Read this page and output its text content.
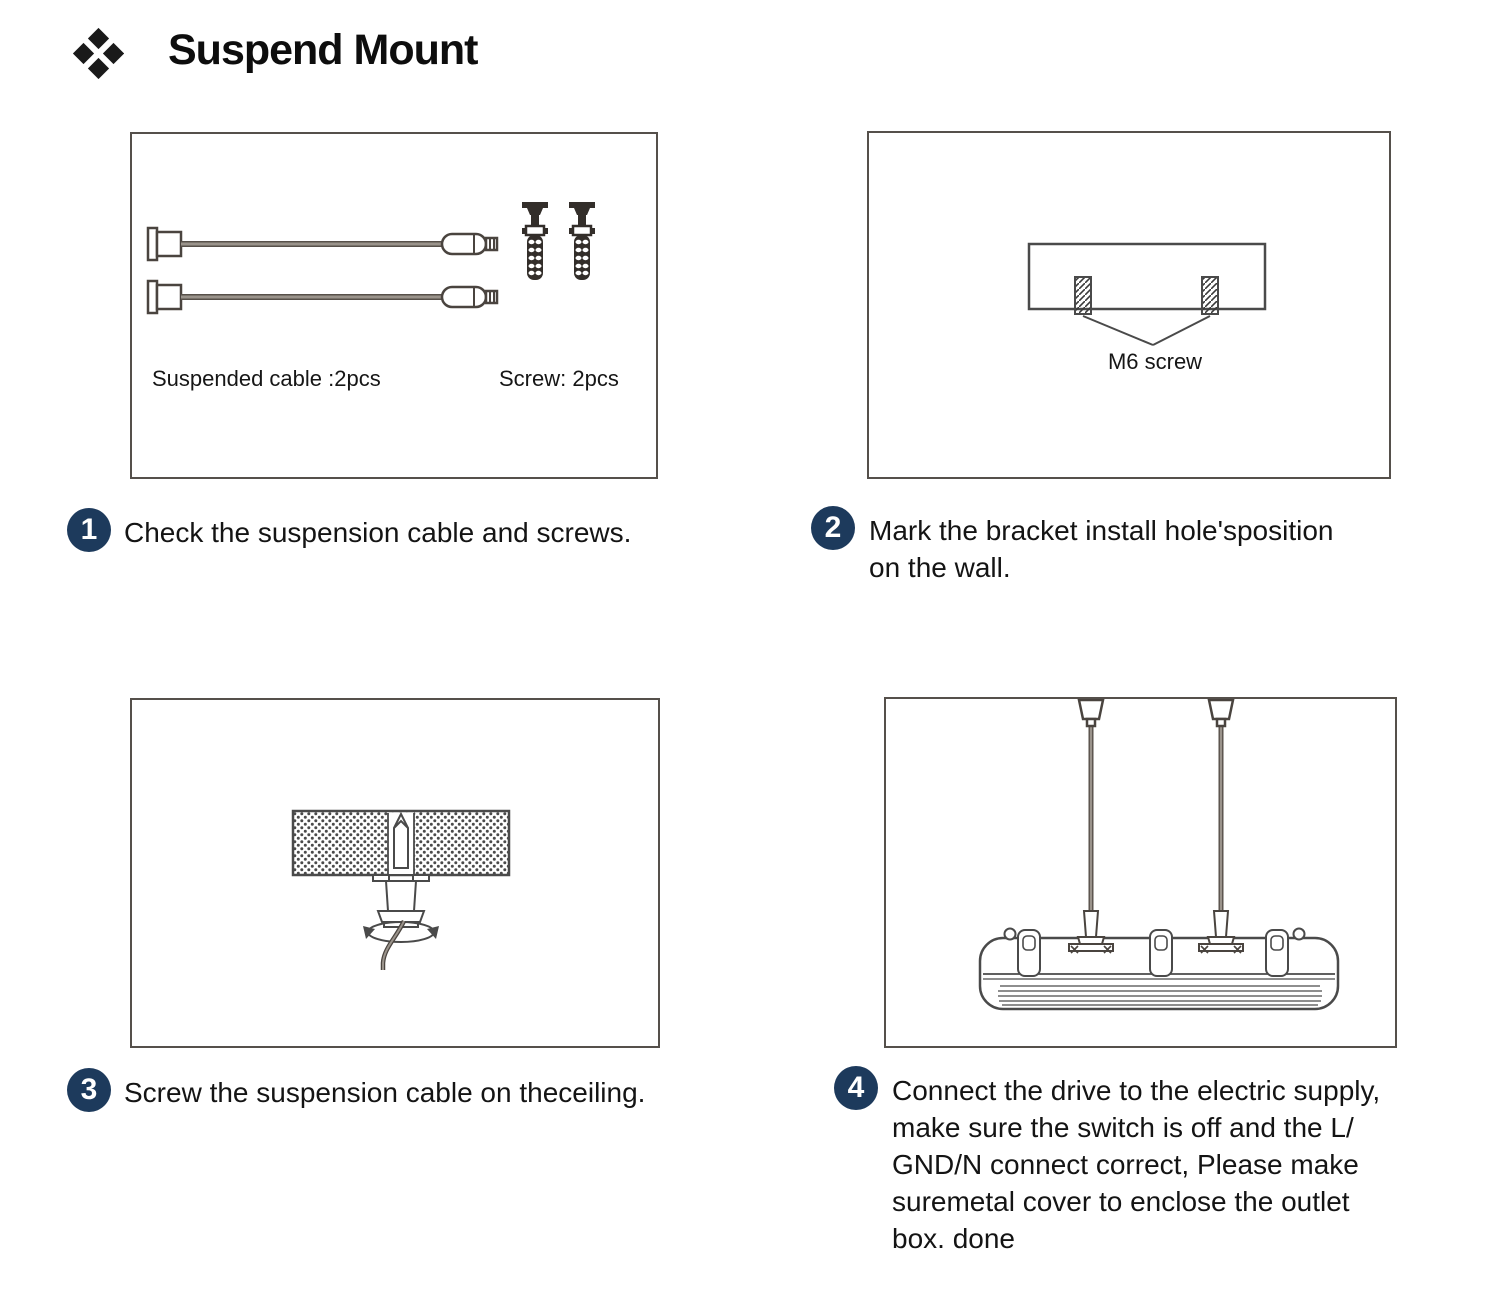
Suspend Mount
Suspended cable :2pcs	Screw: 2pcs
M6 screw
1 Check the suspension cable and screws.	2 Mark the bracket install hole'sposition
on the wall.
3 Screw the suspension cable on theceiling.	4 Connect the drive to the electric supply,
make sure the switch is off and the L/
GND/N connect correct, Please make
suremetal cover to enclose the outlet
box. done
